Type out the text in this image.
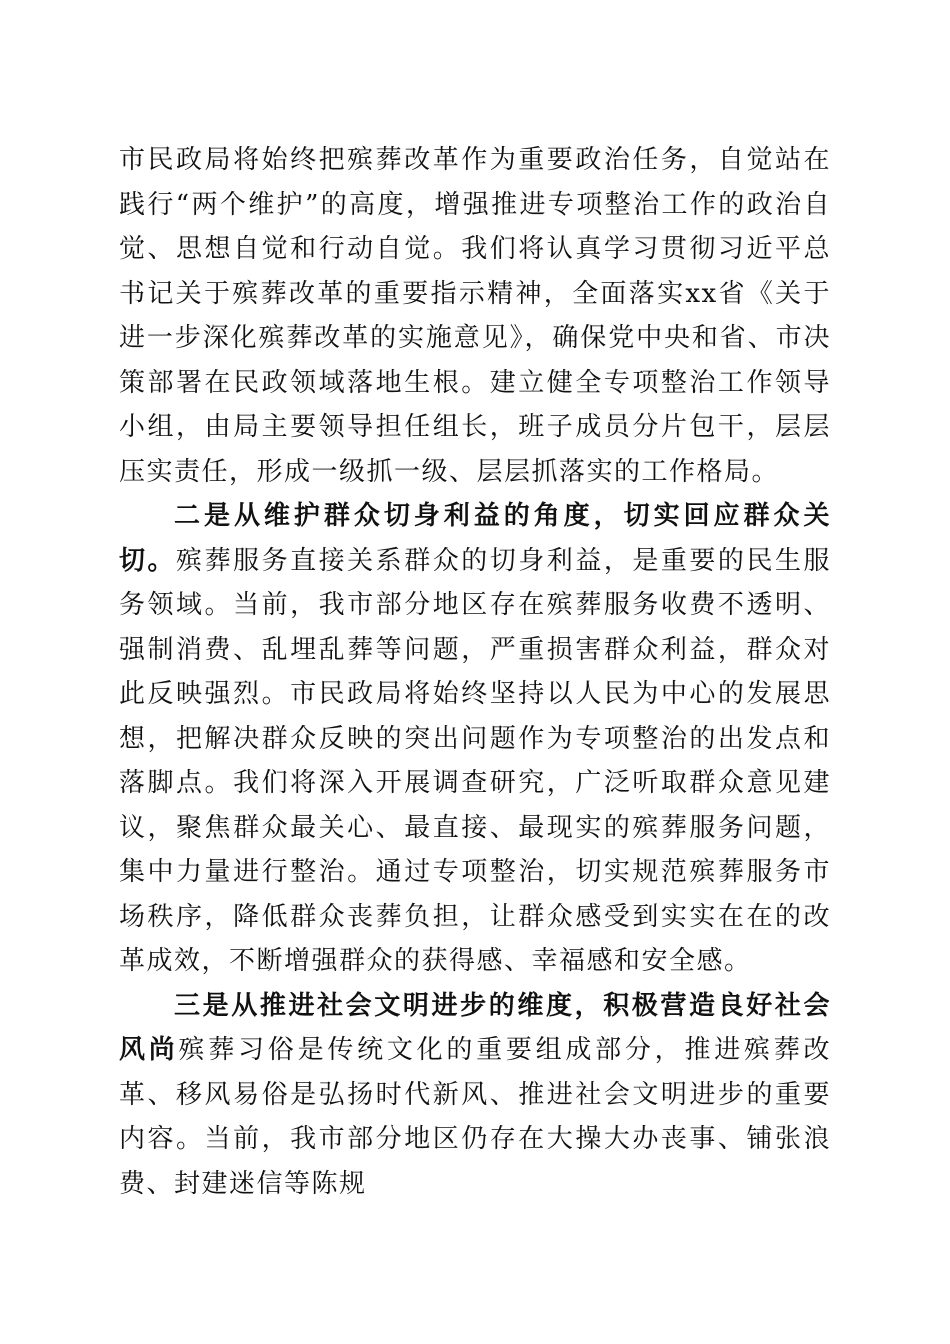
市民政局将始终把殡葬改革作为重要政治任务，自觉站在践行“两个维护”的高度，增强推进专项整治工作的政治自觉、思想自觉和行动自觉。我们将认真学习贯彻习近平总书记关于殡葬改革的重要指示精神，全面落实xx省《关于进一步深化殡葬改革的实施意见》，确保党中央和省、市决策部署在民政领域落地生根。建立健全专项整治工作领导小组，由局主要领导担任组长，班子成员分片包干，层层压实责任，形成一级抓一级、层层抓落实的工作格局。

二是从维护群众切身利益的角度，切实回应群众关切。殡葬服务直接关系群众的切身利益，是重要的民生服务领域。当前，我市部分地区存在殡葬服务收费不透明、强制消费、乱埋乱葬等问题，严重损害群众利益，群众对此反映强烈。市民政局将始终坚持以人民为中心的发展思想，把解决群众反映的突出问题作为专项整治的出发点和落脚点。我们将深入开展调查研究，广泛听取群众意见建议，聚焦群众最关心、最直接、最现实的殡葬服务问题，集中力量进行整治。通过专项整治，切实规范殡葬服务市场秩序，降低群众丧葬负担，让群众感受到实实在在的改革成效，不断增强群众的获得感、幸福感和安全感。

三是从推进社会文明进步的维度，积极营造良好社会风尚殡葬习俗是传统文化的重要组成部分，推进殡葬改革、移风易俗是弘扬时代新风、推进社会文明进步的重要内容。当前，我市部分地区仍存在大操大办丧事、铺张浪费、封建迷信等陈规
